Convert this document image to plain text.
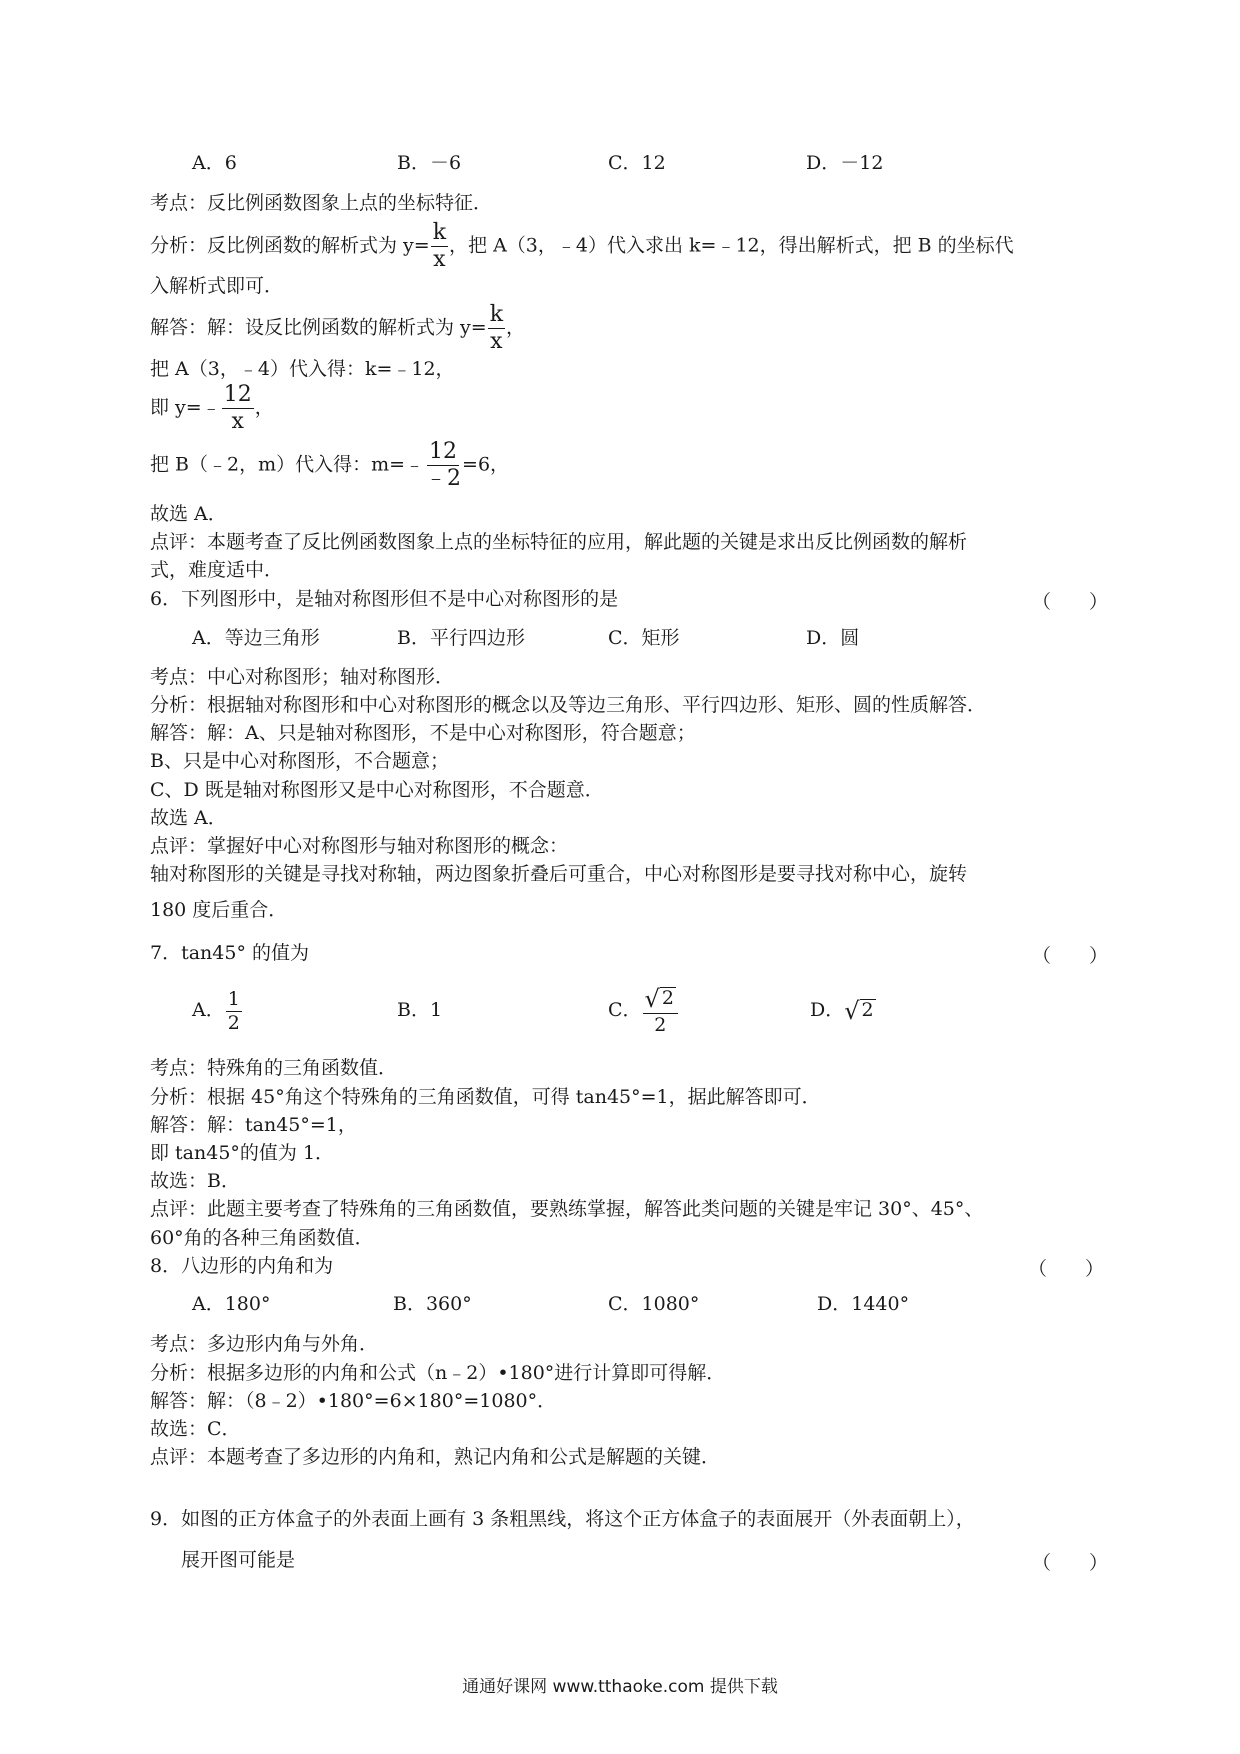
A．6	B．－6	C．12	D．－12
考点：反比例函数图象上点的坐标特征．
分析：反比例函数的解析式为 $y= \frac{k}{x}$ ，把 A（3，﹣4）代入求出 k=﹣12，得出解析式，把 B 的坐标代
入解析式即可．
解答：解：设反比例函数的解析式为 $y= \frac{k}{x}$ ，
把 A（3，﹣4）代入得：k=﹣12，
即 y=﹣ $\frac{12}{x}$ ，
把 B（﹣2，m）代入得：m=﹣ $\frac{12}{﹣2} =6$，
故选 A．
点评：本题考查了反比例函数图象上点的坐标特征的应用，解此题的关键是求出反比例函数的解析
式，难度适中．
6．下列图形中，是轴对称图形但不是中心对称图形的是	（　　）
A．等边三角形	B．平行四边形	C．矩形	D．圆
考点：中心对称图形；轴对称图形．
分析：根据轴对称图形和中心对称图形的概念以及等边三角形、平行四边形、矩形、圆的性质解答．
解答：解：A、只是轴对称图形，不是中心对称图形，符合题意；
B、只是中心对称图形，不合题意；
C、D 既是轴对称图形又是中心对称图形，不合题意．
故选 A．
点评：掌握好中心对称图形与轴对称图形的概念：
轴对称图形的关键是寻找对称轴，两边图象折叠后可重合，中心对称图形是要寻找对称中心，旋转
180 度后重合．
7．tan45° 的值为	（　　）
A． $\frac{1}{2}$	B．1	C． $\frac{√ 2}{2}$	D． √ 2
考点：特殊角的三角函数值．
分析：根据 45°角这个特殊角的三角函数值，可得 tan45°=1，据此解答即可．
解答：解：tan45°=1，
即 tan45°的值为 1．
故选：B．
点评：此题主要考查了特殊角的三角函数值，要熟练掌握，解答此类问题的关键是牢记 30°、45°、
60°角的各种三角函数值．
8．八边形的内角和为	（　　）
A．180°	B．360°	C．1080°	D．1440°
考点：多边形内角与外角．
分析：根据多边形的内角和公式（n﹣2）•180°进行计算即可得解．
解答：解：（8﹣2）•180°=6×180°=1080°．
故选：C．
点评：本题考查了多边形的内角和，熟记内角和公式是解题的关键．
9．如图的正方体盒子的外表面上画有 3 条粗黑线，将这个正方体盒子的表面展开（外表面朝上），
展开图可能是	（　　）
通通好课网 www.tthaoke.com 提供下载
